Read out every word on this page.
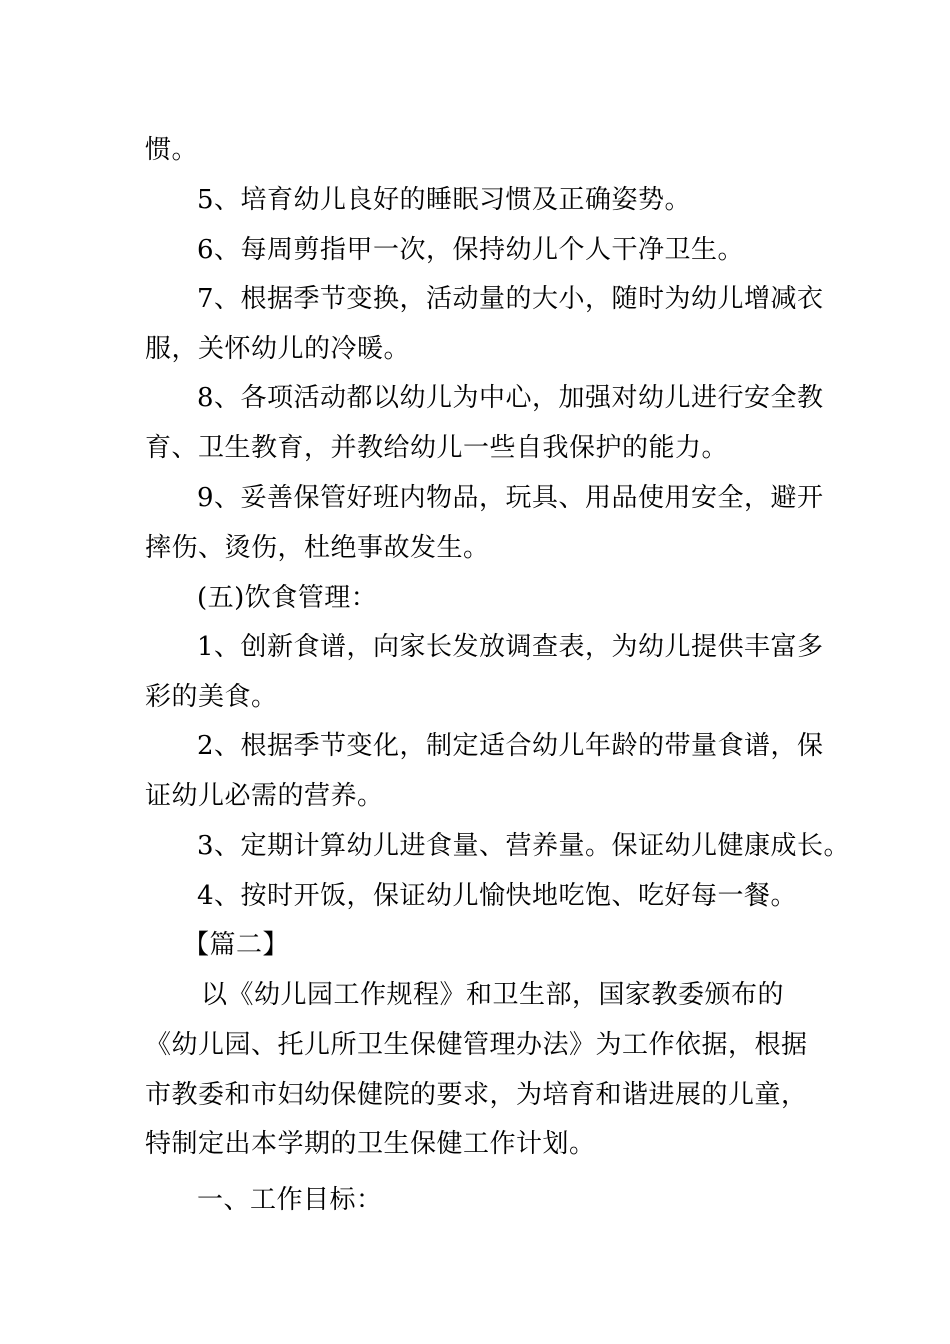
惯。
5、培育幼儿良好的睡眠习惯及正确姿势。
6、每周剪指甲一次，保持幼儿个人干净卫生。
7、根据季节变换，活动量的大小，随时为幼儿增减衣
服，关怀幼儿的冷暖。
8、各项活动都以幼儿为中心，加强对幼儿进行安全教
育、卫生教育，并教给幼儿一些自我保护的能力。
9、妥善保管好班内物品，玩具、用品使用安全，避开
摔伤、烫伤，杜绝事故发生。
(五)饮食管理：
1、创新食谱，向家长发放调查表，为幼儿提供丰富多
彩的美食。
2、根据季节变化，制定适合幼儿年龄的带量食谱，保
证幼儿必需的营养。
3、定期计算幼儿进食量、营养量。保证幼儿健康成长。
4、按时开饭，保证幼儿愉快地吃饱、吃好每一餐。
【篇二】
以《幼儿园工作规程》和卫生部，国家教委颁布的
《幼儿园、托儿所卫生保健管理办法》为工作依据，根据
市教委和市妇幼保健院的要求，为培育和谐进展的儿童，
特制定出本学期的卫生保健工作计划。
一、工作目标：
